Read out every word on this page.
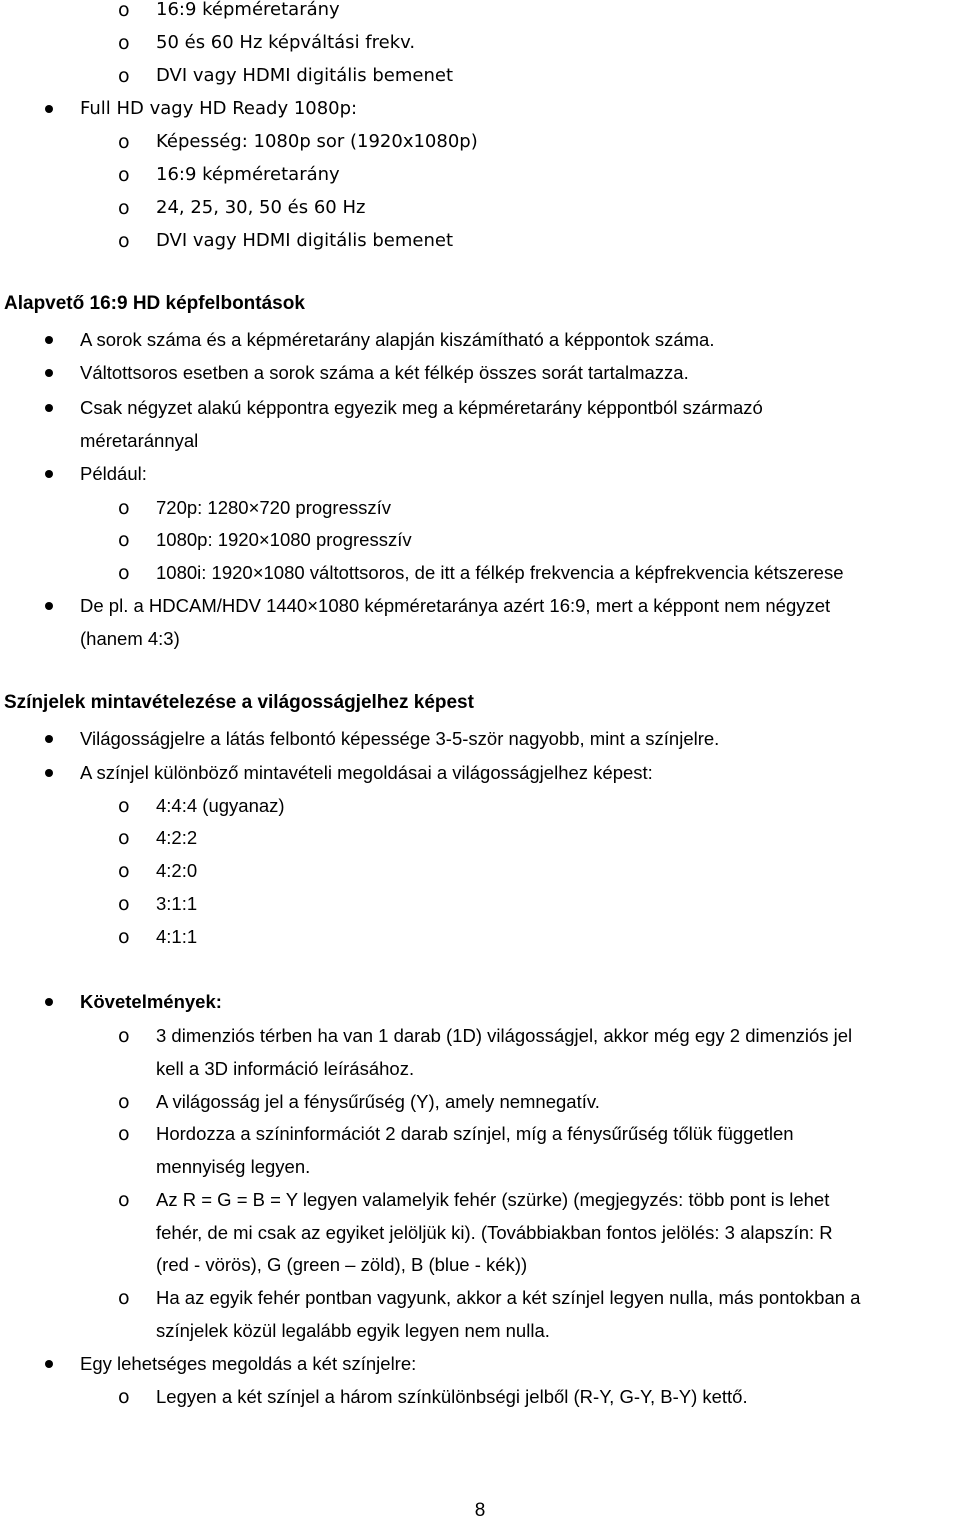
o 16:9 képméretarány
o 50 és 60 Hz képváltási frekv.
o DVI vagy HDMI digitális bemenet
Full HD vagy HD Ready 1080p:
o Képesség: 1080p sor (1920x1080p)
o 16:9 képméretarány
o 24, 25, 30, 50 és 60 Hz
o DVI vagy HDMI digitális bemenet
Alapvető 16:9 HD képfelbontások
A sorok száma és a képméretarány alapján kiszámítható a képpontok száma.
Váltottsoros esetben a sorok száma a két félkép összes sorát tartalmazza.
Csak négyzet alakú képpontra egyezik meg a képméretarány képpontból származó
méretaránnyal
Például:
o 720p: 1280×720 progresszív
o 1080p: 1920×1080 progresszív
o 1080i: 1920×1080 váltottsoros, de itt a félkép frekvencia a képfrekvencia kétszerese
De pl. a HDCAM/HDV 1440×1080 képméretaránya azért 16:9, mert a képpont nem négyzet
(hanem 4:3)
Színjelek mintavételezése a világosságjelhez képest
Világosságjelre a látás felbontó képessége 3-5-ször nagyobb, mint a színjelre.
A színjel különböző mintavételi megoldásai a világosságjelhez képest:
o 4:4:4 (ugyanaz)
o 4:2:2
o 4:2:0
o 3:1:1
o 4:1:1
Követelmények:
o 3 dimenziós térben ha van 1 darab (1D) világosságjel, akkor még egy 2 dimenziós jel
kell a 3D információ leírásához.
o A világosság jel a fénysűrűség (Y), amely nemnegatív.
o Hordozza a színinformációt 2 darab színjel, míg a fénysűrűség tőlük független
mennyiség legyen.
o Az R = G = B = Y legyen valamelyik fehér (szürke) (megjegyzés: több pont is lehet
fehér, de mi csak az egyiket jelöljük ki). (Továbbiakban fontos jelölés: 3 alapszín: R
(red - vörös), G (green – zöld), B (blue - kék))
o Ha az egyik fehér pontban vagyunk, akkor a két színjel legyen nulla, más pontokban a
színjelek közül legalább egyik legyen nem nulla.
Egy lehetséges megoldás a két színjelre:
o Legyen a két színjel a három színkülönbségi jelből (R-Y, G-Y, B-Y) kettő.
8
